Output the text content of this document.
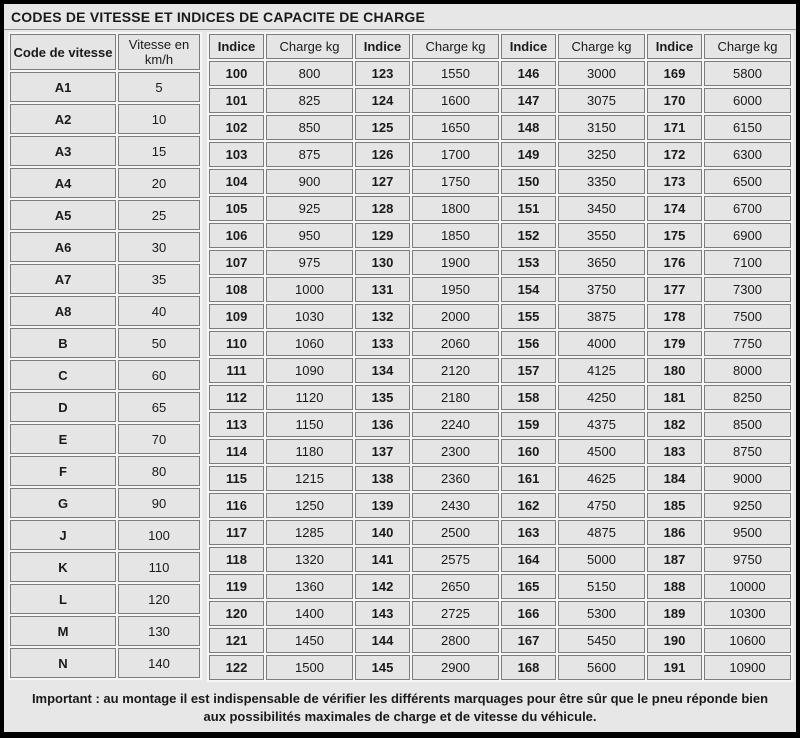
CODES DE VITESSE ET INDICES DE CAPACITE DE CHARGE
Code de vitesse	Vitesse en km/h
A1	5
A2	10
A3	15
A4	20
A5	25
A6	30
A7	35
A8	40
B	50
C	60
D	65
E	70
F	80
G	90
J	100
K	110
L	120
M	130
N	140
Indice	Charge kg	Indice	Charge kg	Indice	Charge kg	Indice	Charge kg
100	800	123	1550	146	3000	169	5800
101	825	124	1600	147	3075	170	6000
102	850	125	1650	148	3150	171	6150
103	875	126	1700	149	3250	172	6300
104	900	127	1750	150	3350	173	6500
105	925	128	1800	151	3450	174	6700
106	950	129	1850	152	3550	175	6900
107	975	130	1900	153	3650	176	7100
108	1000	131	1950	154	3750	177	7300
109	1030	132	2000	155	3875	178	7500
110	1060	133	2060	156	4000	179	7750
111	1090	134	2120	157	4125	180	8000
112	1120	135	2180	158	4250	181	8250
113	1150	136	2240	159	4375	182	8500
114	1180	137	2300	160	4500	183	8750
115	1215	138	2360	161	4625	184	9000
116	1250	139	2430	162	4750	185	9250
117	1285	140	2500	163	4875	186	9500
118	1320	141	2575	164	5000	187	9750
119	1360	142	2650	165	5150	188	10000
120	1400	143	2725	166	5300	189	10300
121	1450	144	2800	167	5450	190	10600
122	1500	145	2900	168	5600	191	10900
Important : au montage il est indispensable de vérifier les différents marquages pour être sûr que le pneu réponde bien aux possibilités maximales de charge et de vitesse du véhicule.
